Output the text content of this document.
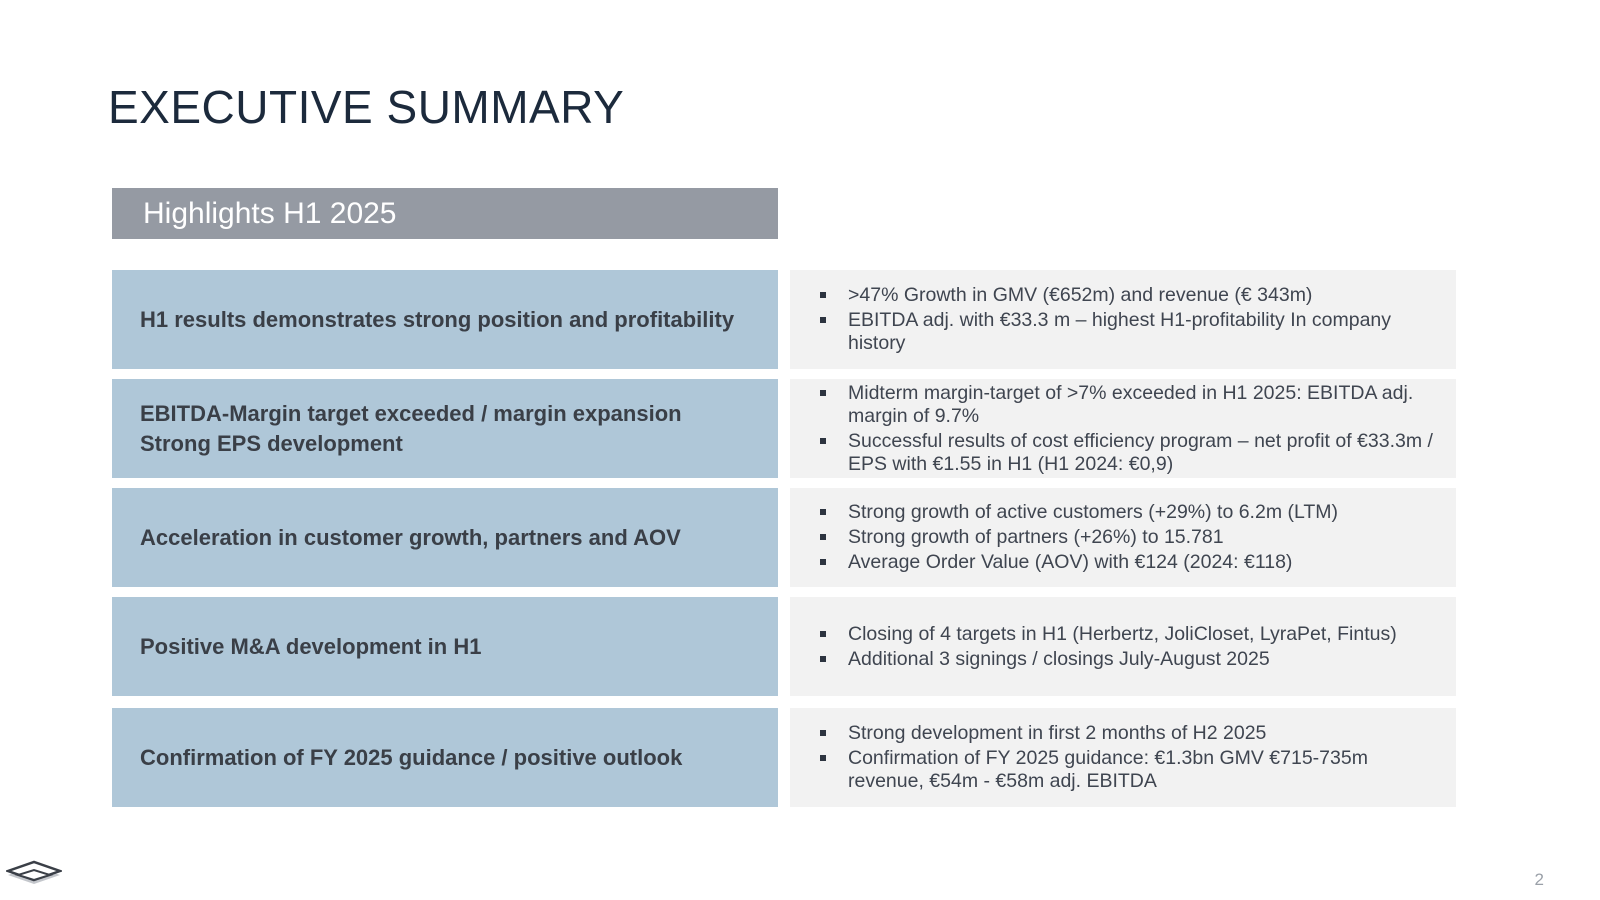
EXECUTIVE SUMMARY
Highlights H1 2025
H1 results demonstrates strong position and profitability
>47% Growth in GMV (€652m) and revenue (€ 343m)
EBITDA adj. with €33.3 m – highest H1-profitability In company history
EBITDA-Margin target exceeded / margin expansion
Strong EPS development
Midterm margin-target of >7% exceeded in H1 2025: EBITDA adj. margin of 9.7%
Successful results of cost efficiency program – net profit of €33.3m / EPS with €1.55 in H1 (H1 2024: €0,9)
Acceleration in customer growth, partners and AOV
Strong growth of active customers (+29%) to 6.2m (LTM)
Strong growth of partners (+26%) to 15.781
Average Order Value (AOV) with €124 (2024: €118)
Positive M&A development in H1	Closing of 4 targets in H1 (Herbertz, JoliCloset, LyraPet, Fintus)
Additional 3 signings / closings July-August 2025
Confirmation of FY 2025 guidance / positive outlook
Strong development in first 2 months of H2 2025
Confirmation of FY 2025 guidance: €1.3bn GMV €715-735m revenue, €54m - €58m adj. EBITDA
2
